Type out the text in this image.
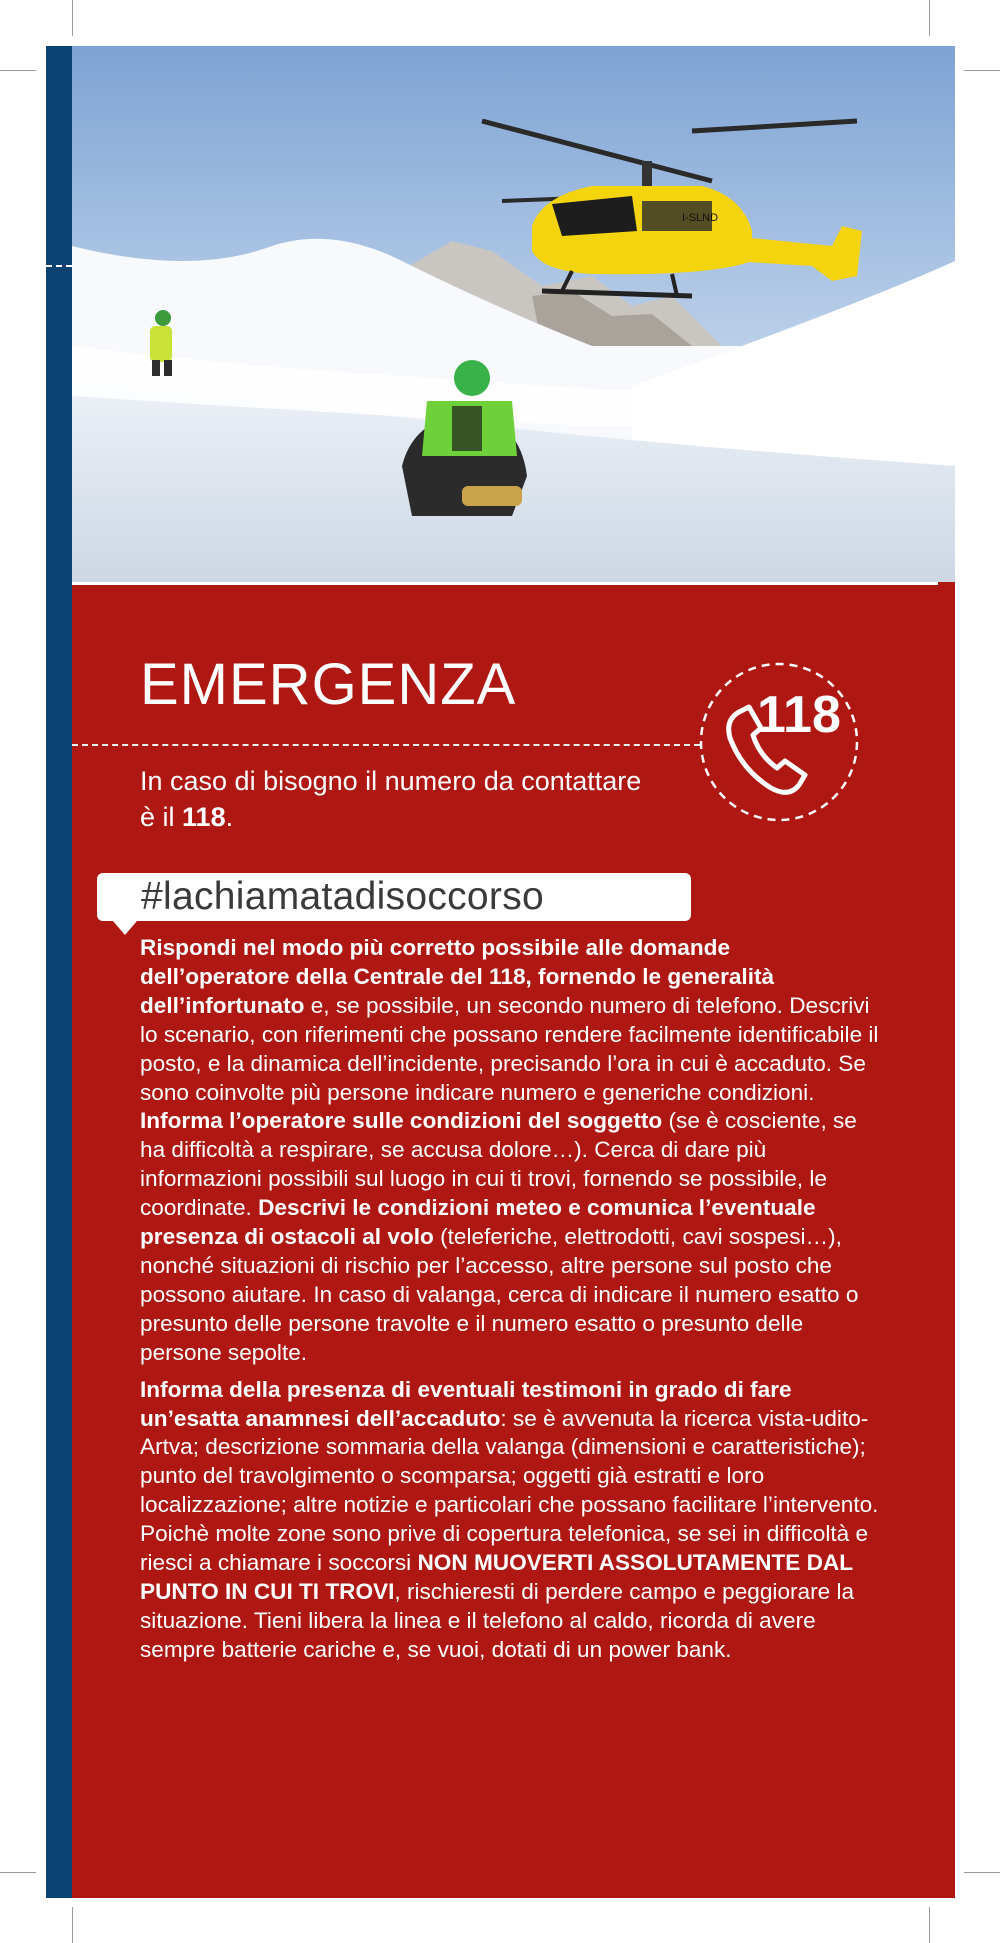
I-SLND
EMERGENZA
In caso di bisogno il numero da contattare è il 118.
118
#lachiamatadisoccorso

Rispondi nel modo più corretto possibile alle domande dell’operatore della Centrale del 118, fornendo le generalità dell’infortunato e, se possibile, un secondo numero di telefono. Descrivi lo scenario, con riferimenti che possano rendere facilmente identificabile il posto, e la dinamica dell’incidente, precisando l’ora in cui è accaduto. Se sono coinvolte più persone indicare numero e generiche condizioni. Informa l’operatore sulle condizioni del soggetto (se è cosciente, se ha difficoltà a respirare, se accusa dolore…). Cerca di dare più informazioni possibili sul luogo in cui ti trovi, fornendo se possibile, le coordinate. Descrivi le condizioni meteo e comunica l’eventuale presenza di ostacoli al volo (teleferiche, elettrodotti, cavi sospesi…), nonché situazioni di rischio per l’accesso, altre persone sul posto che possono aiutare. In caso di valanga, cerca di indicare il numero esatto o presunto delle persone travolte e il numero esatto o presunto delle persone sepolte.

Informa della presenza di eventuali testimoni in grado di fare un’esatta anamnesi dell’accaduto: se è avvenuta la ricerca vista-udito-Artva; descrizione sommaria della valanga (dimensioni e caratteristiche); punto del travolgimento o scomparsa; oggetti già estratti e loro localizzazione; altre notizie e particolari che possano facilitare l’intervento. Poichè molte zone sono prive di copertura telefonica, se sei in difficoltà e riesci a chiamare i soccorsi NON MUOVERTI ASSOLUTAMENTE DAL PUNTO IN CUI TI TROVI, rischieresti di perdere campo e peggiorare la situazione. Tieni libera la linea e il telefono al caldo, ricorda di avere sempre batterie cariche e, se vuoi, dotati di un power bank.
